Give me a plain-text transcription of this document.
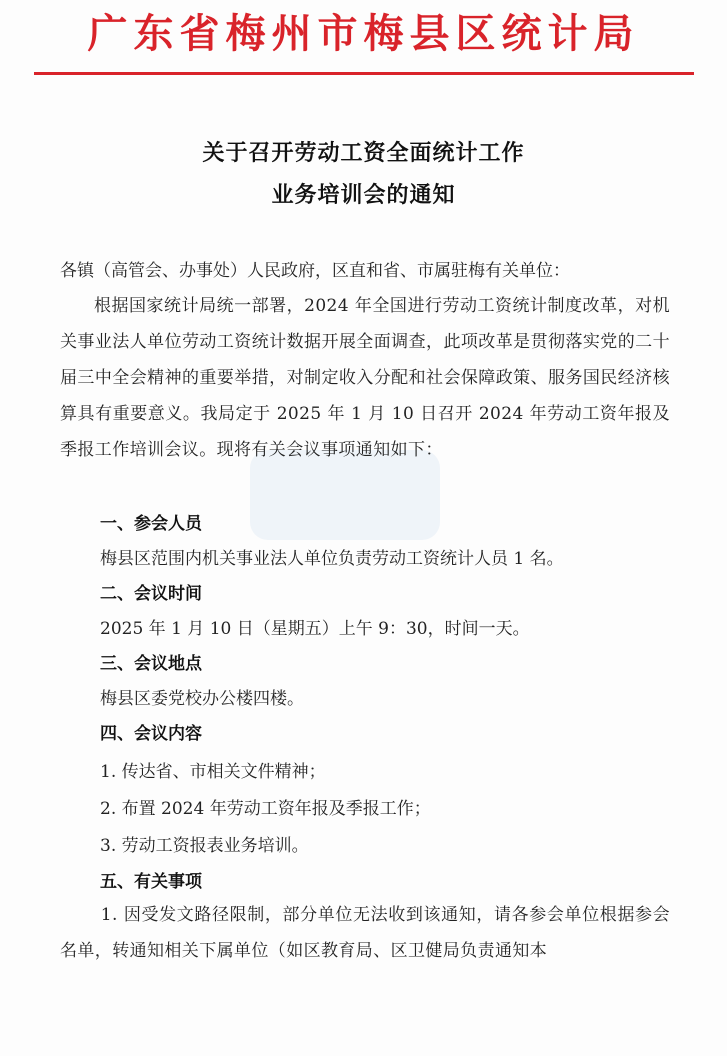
广东省梅州市梅县区统计局
关于召开劳动工资全面统计工作
业务培训会的通知
各镇（高管会、办事处）人民政府，区直和省、市属驻梅有关单位：
根据国家统计局统一部署，2024 年全国进行劳动工资统计制度改革，对机关事业法人单位劳动工资统计数据开展全面调查，此项改革是贯彻落实党的二十届三中全会精神的重要举措，对制定收入分配和社会保障政策、服务国民经济核算具有重要意义。我局定于 2025 年 1 月 10 日召开 2024 年劳动工资年报及季报工作培训会议。现将有关会议事项通知如下：
一、参会人员
梅县区范围内机关事业法人单位负责劳动工资统计人员 1 名。
二、会议时间
2025 年 1 月 10 日（星期五）上午 9：30，时间一天。
三、会议地点
梅县区委党校办公楼四楼。
四、会议内容
1. 传达省、市相关文件精神；
2. 布置 2024 年劳动工资年报及季报工作；
3. 劳动工资报表业务培训。
五、有关事项
1. 因受发文路径限制，部分单位无法收到该通知，请各参会单位根据参会名单，转通知相关下属单位（如区教育局、区卫健局负责通知本
